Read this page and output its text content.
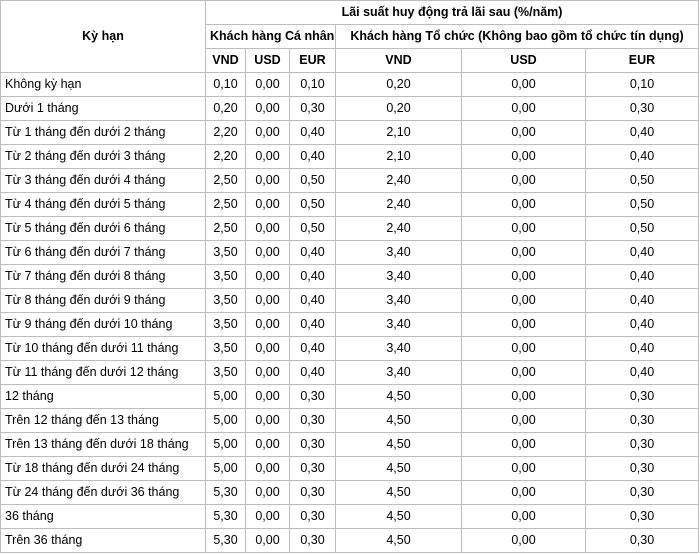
Kỳ hạn	Lãi suất huy động trả lãi sau (%/năm)					
	Khách hàng Cá nhân			Khách hàng Tổ chức (Không bao gồm tổ chức tín dụng)		
	VND	USD	EUR	VND	USD	EUR
Không kỳ hạn	0,10	0,00	0,10	0,20	0,00	0,10
Dưới 1 tháng	0,20	0,00	0,30	0,20	0,00	0,30
Từ 1 tháng đến dưới 2 tháng	2,20	0,00	0,40	2,10	0,00	0,40
Từ 2 tháng đến dưới 3 tháng	2,20	0,00	0,40	2,10	0,00	0,40
Từ 3 tháng đến dưới 4 tháng	2,50	0,00	0,50	2,40	0,00	0,50
Từ 4 tháng đến dưới 5 tháng	2,50	0,00	0,50	2,40	0,00	0,50
Từ 5 tháng đến dưới 6 tháng	2,50	0,00	0,50	2,40	0,00	0,50
Từ 6 tháng đến dưới 7 tháng	3,50	0,00	0,40	3,40	0,00	0,40
Từ 7 tháng đến dưới 8 tháng	3,50	0,00	0,40	3,40	0,00	0,40
Từ 8 tháng đến dưới 9 tháng	3,50	0,00	0,40	3,40	0,00	0,40
Từ 9 tháng đến dưới 10 tháng	3,50	0,00	0,40	3,40	0,00	0,40
Từ 10 tháng đến dưới 11 tháng	3,50	0,00	0,40	3,40	0,00	0,40
Từ 11 tháng đến dưới 12 tháng	3,50	0,00	0,40	3,40	0,00	0,40
12 tháng	5,00	0,00	0,30	4,50	0,00	0,30
Trên 12 tháng đến 13 tháng	5,00	0,00	0,30	4,50	0,00	0,30
Trên 13 tháng đến dưới 18 tháng	5,00	0,00	0,30	4,50	0,00	0,30
Từ 18 tháng đến dưới 24 tháng	5,00	0,00	0,30	4,50	0,00	0,30
Từ 24 tháng đến dưới 36 tháng	5,30	0,00	0,30	4,50	0,00	0,30
36 tháng	5,30	0,00	0,30	4,50	0,00	0,30
Trên 36 tháng	5,30	0,00	0,30	4,50	0,00	0,30
